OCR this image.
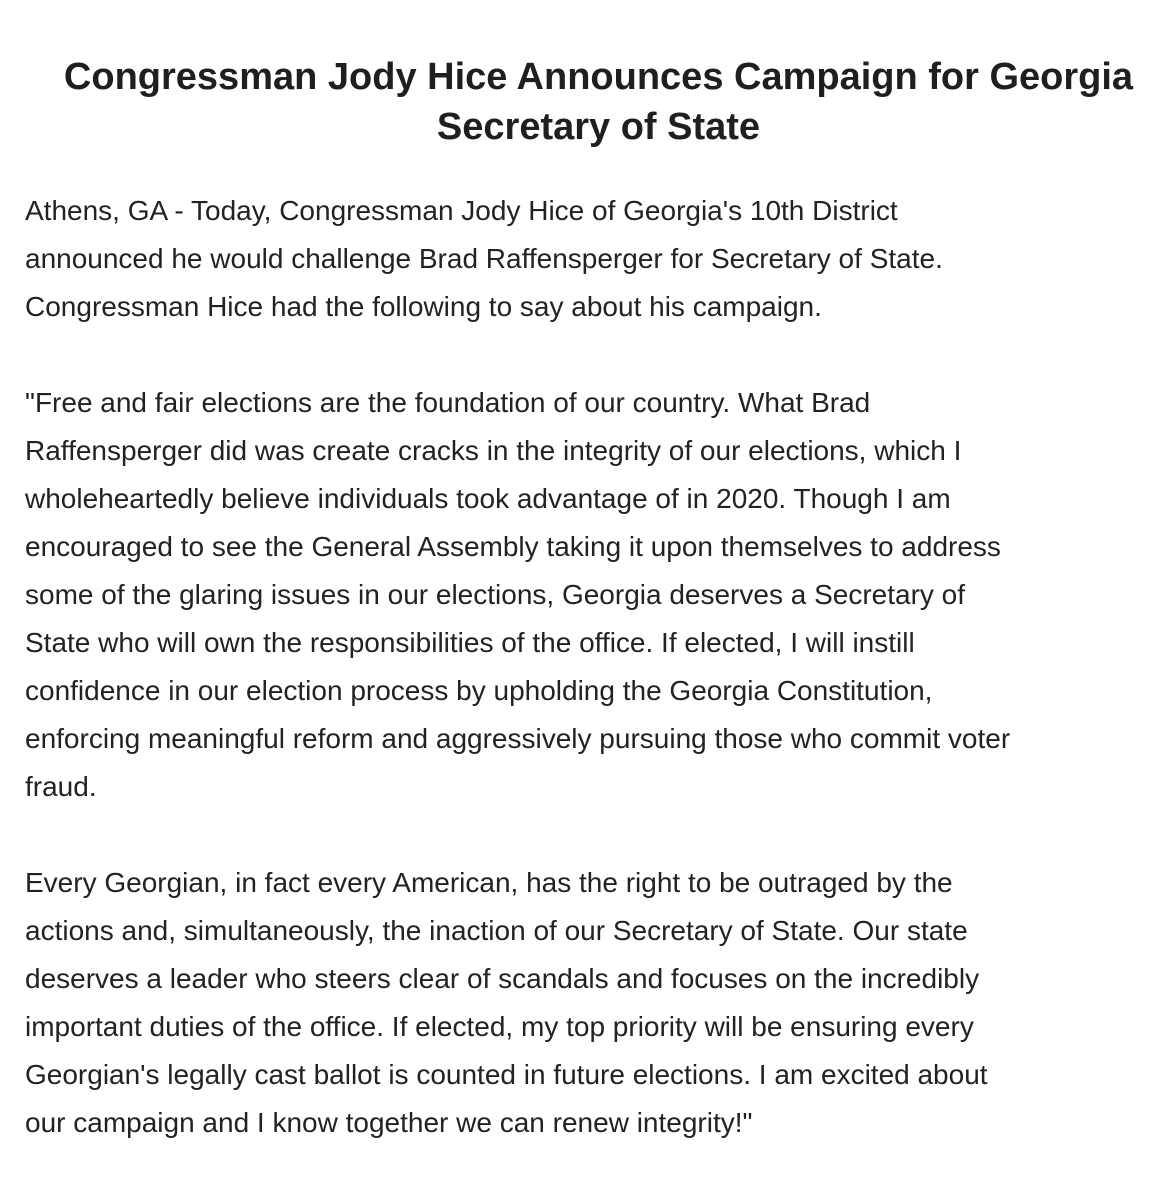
Congressman Jody Hice Announces Campaign for Georgia Secretary of State

Athens, GA - Today, Congressman Jody Hice of Georgia's 10th District
announced he would challenge Brad Raffensperger for Secretary of State.
Congressman Hice had the following to say about his campaign.

"Free and fair elections are the foundation of our country. What Brad
Raffensperger did was create cracks in the integrity of our elections, which I
wholeheartedly believe individuals took advantage of in 2020. Though I am
encouraged to see the General Assembly taking it upon themselves to address
some of the glaring issues in our elections, Georgia deserves a Secretary of
State who will own the responsibilities of the office. If elected, I will instill
confidence in our election process by upholding the Georgia Constitution,
enforcing meaningful reform and aggressively pursuing those who commit voter
fraud.

Every Georgian, in fact every American, has the right to be outraged by the
actions and, simultaneously, the inaction of our Secretary of State. Our state
deserves a leader who steers clear of scandals and focuses on the incredibly
important duties of the office. If elected, my top priority will be ensuring every
Georgian's legally cast ballot is counted in future elections. I am excited about
our campaign and I know together we can renew integrity!"
